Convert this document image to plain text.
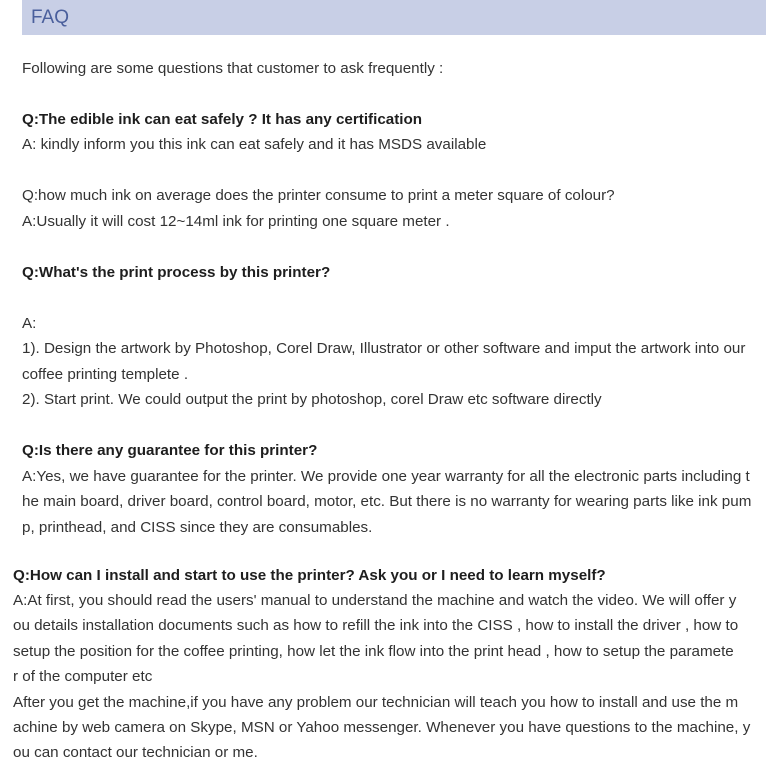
FAQ
Following are some questions that customer to ask frequently :
Q:The edible ink can eat safely ? It has any certification
A: kindly inform you this ink can eat safely and it has MSDS available
Q:how much ink on average does the printer consume to print a meter square of colour?
A:Usually it will cost 12~14ml ink for printing one square meter .
Q:What's the print process by this printer?
A:
1). Design the artwork by Photoshop, Corel Draw, Illustrator or other software and imput the artwork into our
coffee printing templete .
2). Start print. We could output the print by photoshop, corel Draw etc software directly
Q:Is there any guarantee for this printer?
A:Yes, we have guarantee for the printer. We provide one year warranty for all the electronic parts including t
he main board, driver board, control board, motor, etc. But there is no warranty for wearing parts like ink pum
p, printhead, and CISS since they are consumables.
Q:How can I install and start to use the printer? Ask you or I need to learn myself?
A:At first, you should read the users' manual to understand the machine and watch the video. We will offer y
ou details installation documents such as how to refill the ink into the CISS , how to install the driver , how to
setup the position for the coffee printing, how let the ink flow into the print head , how to setup the paramete
r of the computer etc
After you get the machine,if you have any problem our technician will teach you how to install and use the m
achine by web camera on Skype, MSN or Yahoo messenger. Whenever you have questions to the machine, y
ou can contact our technician or me.
